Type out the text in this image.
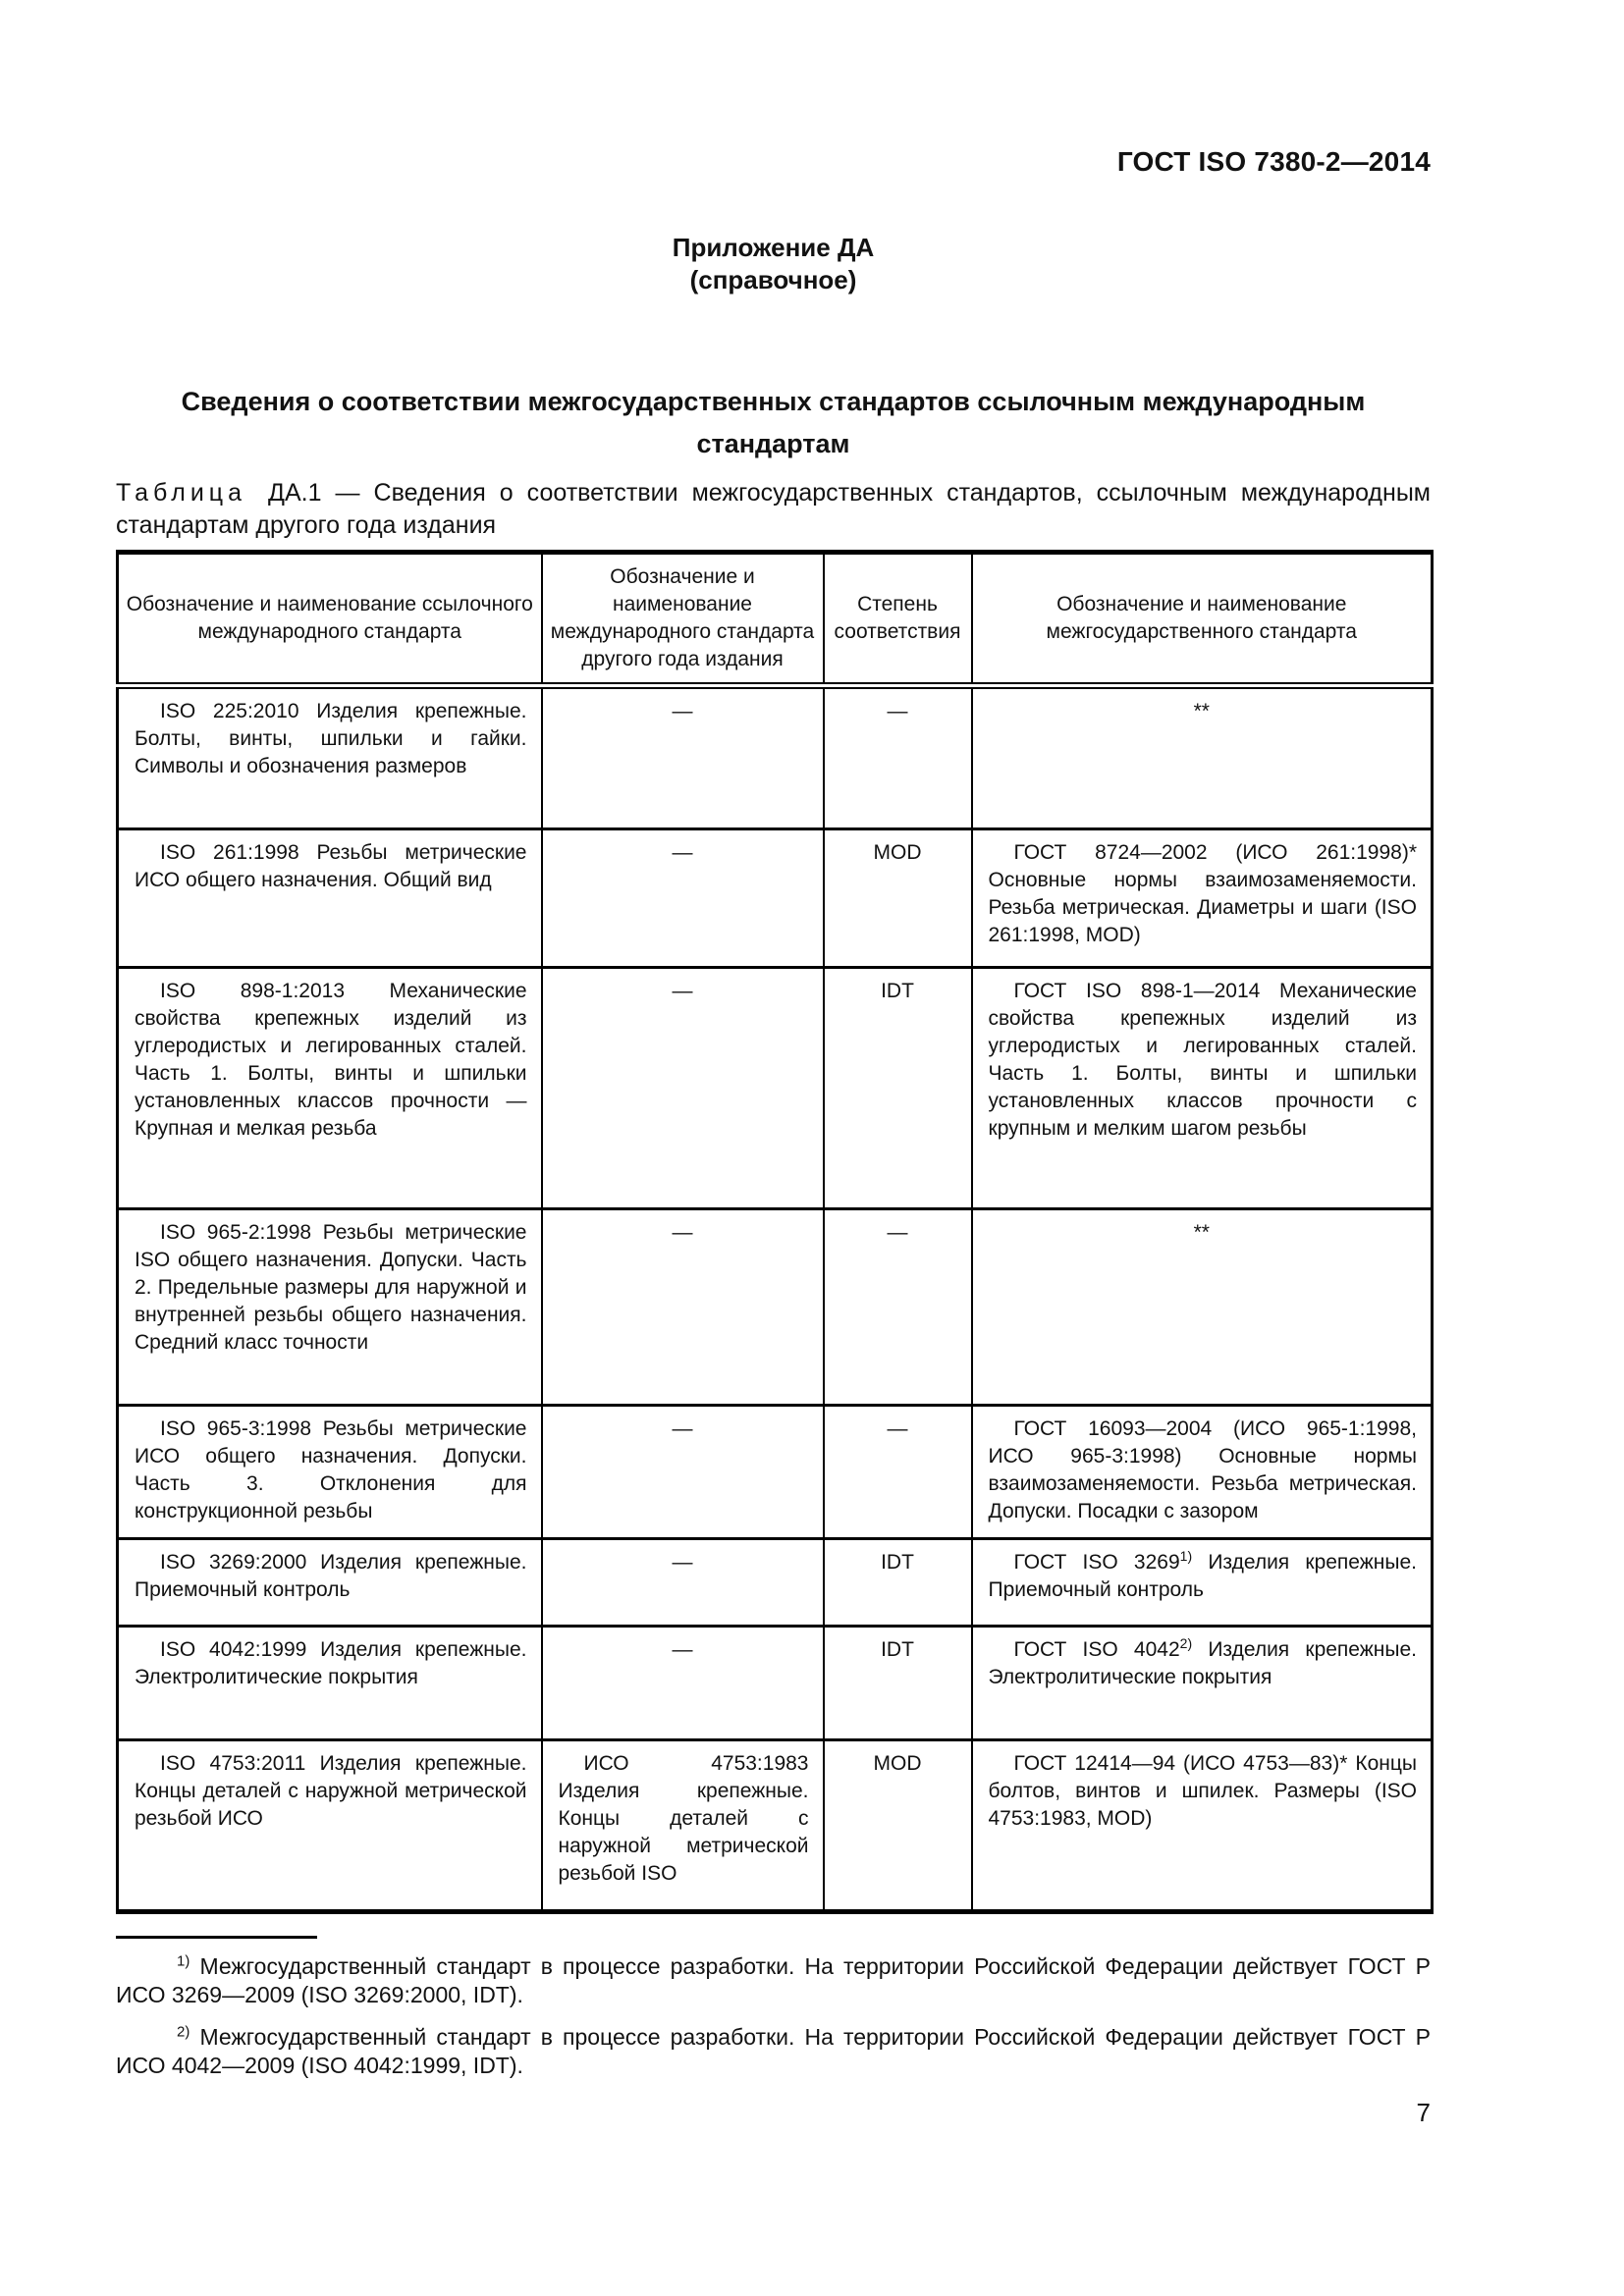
ГОСТ ISO 7380-2—2014
Приложение ДА
(справочное)
Сведения о соответствии межгосударственных стандартов ссылочным международным стандартам

Таблица ДА.1 — Сведения о соответствии межгосударственных стандартов, ссылочным международным стандартам другого года издания

Обозначение и наименование ссылочного международного стандарта	Обозначение и наименование международного стандарта другого года издания	Степень соответствия	Обозначение и наименование межгосударственного стандарта
ISO 225:2010 Изделия крепежные. Болты, винты, шпильки и гайки. Символы и обозначения размеров	—	—	**
ISO 261:1998 Резьбы метрические ИСО общего назначения. Общий вид	—	MOD	ГОСТ 8724—2002 (ИСО 261:1998)* Основные нормы взаимозаменяемости. Резьба метрическая. Диаметры и шаги (ISO 261:1998, MOD)
ISO 898-1:2013 Механические свойства крепежных изделий из углеродистых и легированных сталей. Часть 1. Болты, винты и шпильки установленных классов прочности — Крупная и мелкая резьба	—	IDT	ГОСТ ISO 898-1—2014 Механические свойства крепежных изделий из углеродистых и легированных сталей. Часть 1. Болты, винты и шпильки установленных классов прочности с крупным и мелким шагом резьбы
ISO 965-2:1998 Резьбы метрические ISO общего назначения. Допуски. Часть 2. Предельные размеры для наружной и внутренней резьбы общего назначения. Средний класс точности	—	—	**
ISO 965-3:1998 Резьбы метрические ИСО общего назначения. Допуски. Часть 3. Отклонения для конструкционной резьбы	—	—	ГОСТ 16093—2004 (ИСО 965-1:1998, ИСО 965-3:1998) Основные нормы взаимозаменяемости. Резьба метрическая. Допуски. Посадки с зазором
ISO 3269:2000 Изделия крепежные. Приемочный контроль	—	IDT	ГОСТ ISO 3269$^{1)}$ Изделия крепежные. Приемочный контроль
ISO 4042:1999 Изделия крепежные. Электролитические покрытия	—	IDT	ГОСТ ISO 4042$^{2)}$ Изделия крепежные. Электролитические покрытия
ISO 4753:2011 Изделия крепежные. Концы деталей с наружной метрической резьбой ИСО	ИСО 4753:1983 Изделия крепежные. Концы деталей с наружной метрической резьбой ISO	MOD	ГОСТ 12414—94 (ИСО 4753—83)* Концы болтов, винтов и шпилек. Размеры (ISO 4753:1983, MOD)

$^{1)}$ Межгосударственный стандарт в процессе разработки. На территории Российской Федерации действует ГОСТ Р ИСО 3269—2009 (ISO 3269:2000, IDT).

$^{2)}$ Межгосударственный стандарт в процессе разработки. На территории Российской Федерации действует ГОСТ Р ИСО 4042—2009 (ISO 4042:1999, IDT).

7
